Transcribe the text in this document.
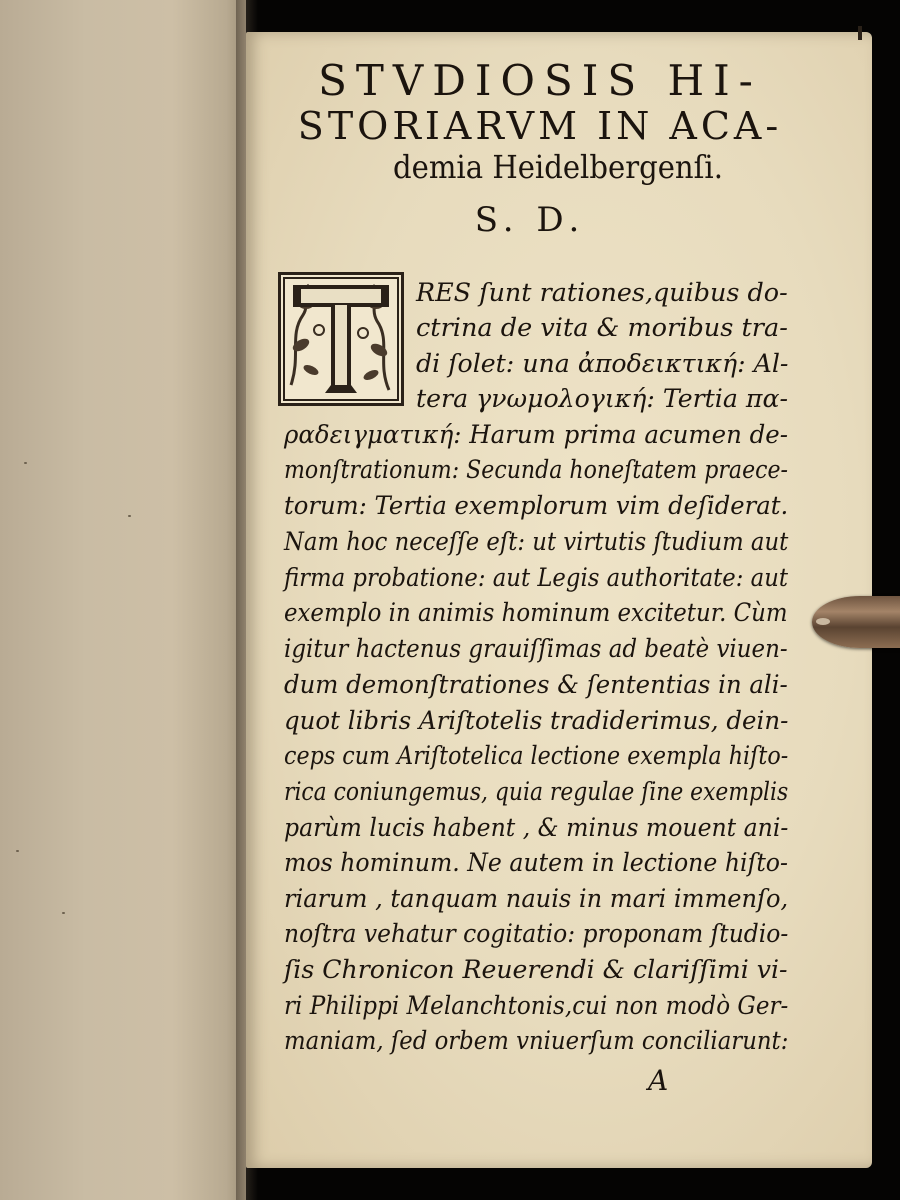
STVDIOSIS HI-
STORIARVM IN ACA-
demia Heidelbergenſi.
S. D.
RES ſunt rationes,quibus do-
ctrina de vita & moribus tra-
di ſolet: una ἀποδεικτική: Al-
tera γνωμολογική: Tertia πα-
ραδειγματική: Harum prima acumen de-
monſtrationum: Secunda honeſtatem praece-
torum: Tertia exemplorum vim deſiderat.
Nam hoc neceſſe eſt: ut virtutis ſtudium aut
firma probatione: aut Legis authoritate: aut
exemplo in animis hominum excitetur. Cùm
igitur hactenus grauiſſimas ad beatè viuen-
dum demonſtrationes & ſententias in ali-
quot libris Ariſtotelis tradiderimus, dein-
ceps cum Ariſtotelica lectione exempla hiſto-
rica coniungemus, quia regulae ſine exemplis
parùm lucis habent , & minus mouent ani-
mos hominum. Ne autem in lectione hiſto-
riarum , tanquam nauis in mari immenſo,
noſtra vehatur cogitatio: proponam ſtudio-
ſis Chronicon Reuerendi & clariſſimi vi-
ri Philippi Melanchtonis,cui non modò Ger-
maniam, ſed orbem vniuerſum conciliarunt:
A
